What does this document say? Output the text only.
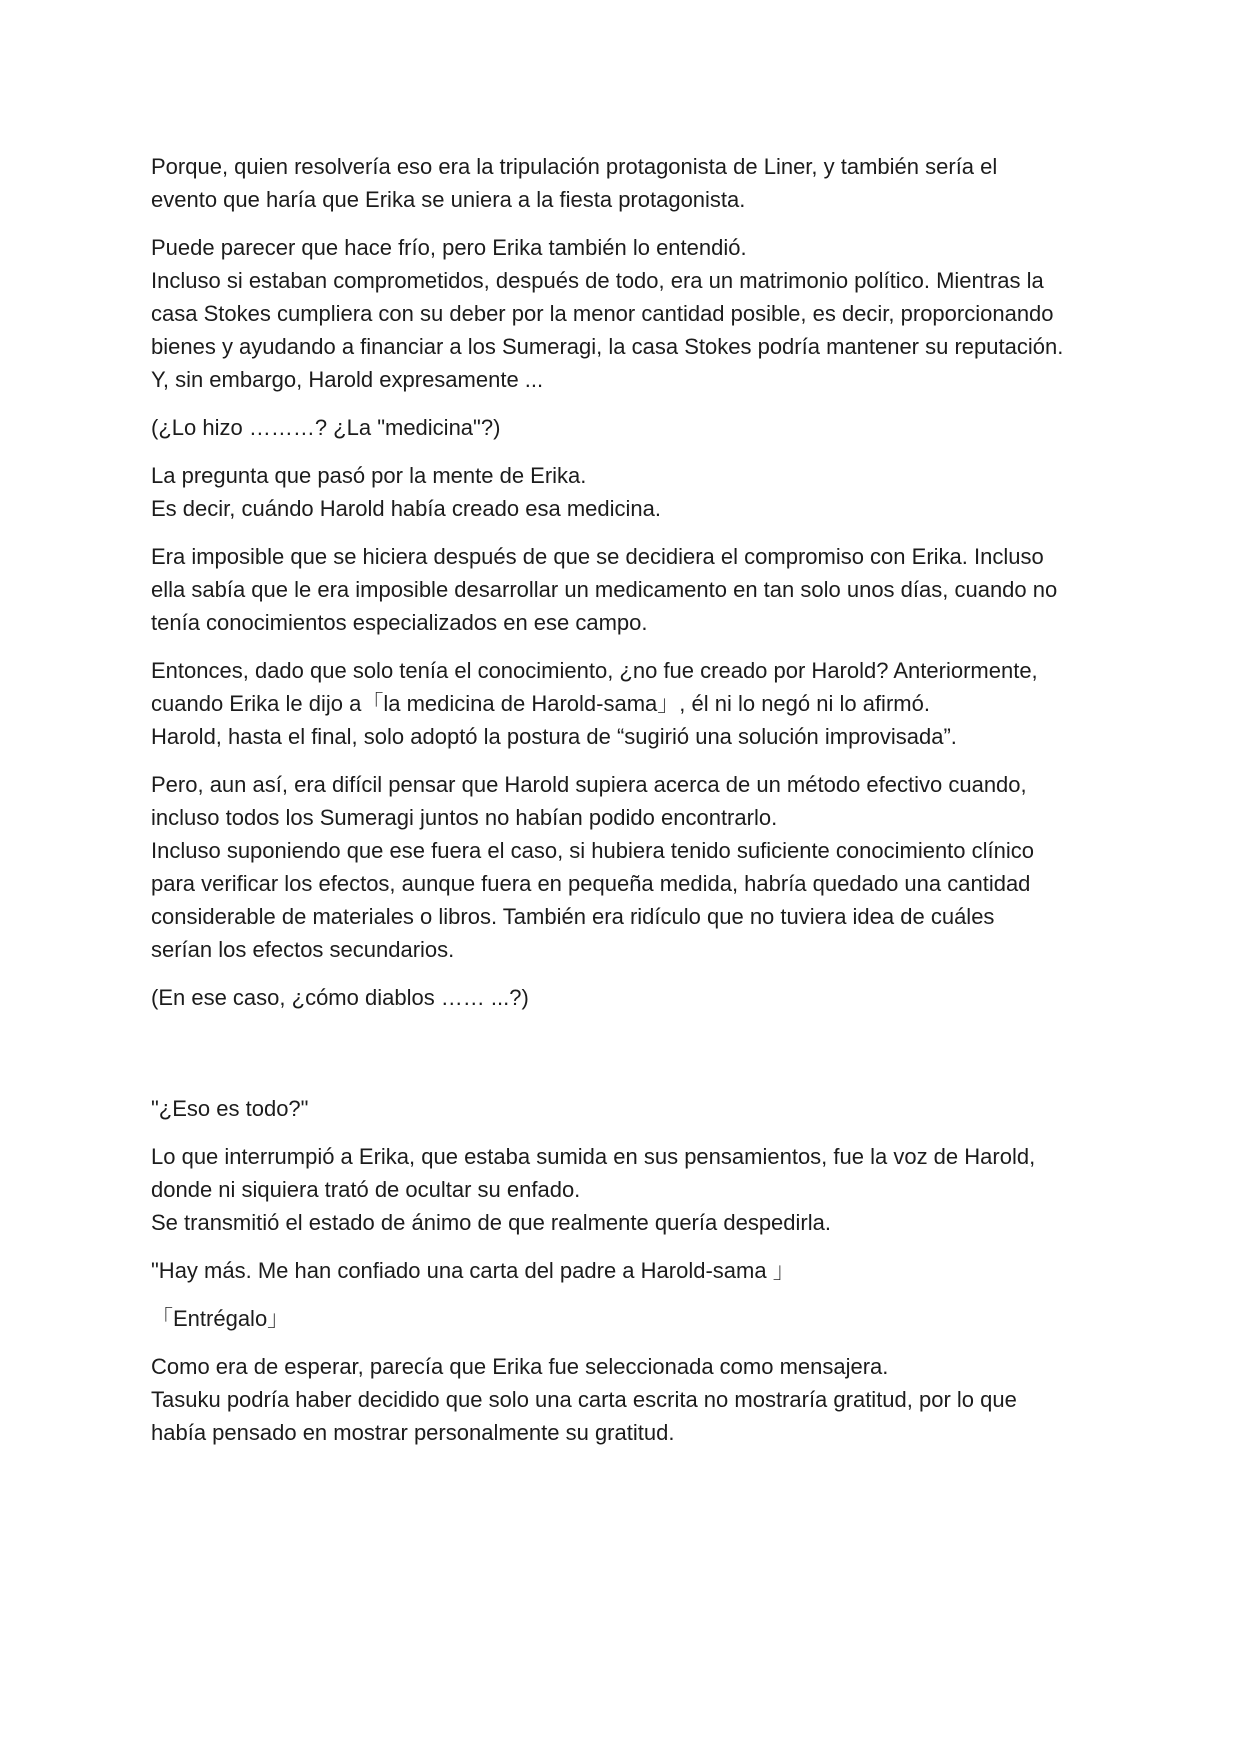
Porque, quien resolvería eso era la tripulación protagonista de Liner, y también sería el
evento que haría que Erika se uniera a la fiesta protagonista.

Puede parecer que hace frío, pero Erika también lo entendió.
Incluso si estaban comprometidos, después de todo, era un matrimonio político. Mientras la
casa Stokes cumpliera con su deber por la menor cantidad posible, es decir, proporcionando
bienes y ayudando a financiar a los Sumeragi, la casa Stokes podría mantener su reputación.
Y, sin embargo, Harold expresamente ...

(¿Lo hizo ………? ¿La "medicina"?)

La pregunta que pasó por la mente de Erika.
Es decir, cuándo Harold había creado esa medicina.

Era imposible que se hiciera después de que se decidiera el compromiso con Erika. Incluso
ella sabía que le era imposible desarrollar un medicamento en tan solo unos días, cuando no
tenía conocimientos especializados en ese campo.

Entonces, dado que solo tenía el conocimiento, ¿no fue creado por Harold? Anteriormente,
cuando Erika le dijo a「la medicina de Harold-sama」, él ni lo negó ni lo afirmó.
Harold, hasta el final, solo adoptó la postura de “sugirió una solución improvisada”.

Pero, aun así, era difícil pensar que Harold supiera acerca de un método efectivo cuando,
incluso todos los Sumeragi juntos no habían podido encontrarlo.
Incluso suponiendo que ese fuera el caso, si hubiera tenido suficiente conocimiento clínico
para verificar los efectos, aunque fuera en pequeña medida, habría quedado una cantidad
considerable de materiales o libros. También era ridículo que no tuviera idea de cuáles
serían los efectos secundarios.

(En ese caso, ¿cómo diablos …… ...?)

"¿Eso es todo?"

Lo que interrumpió a Erika, que estaba sumida en sus pensamientos, fue la voz de Harold,
donde ni siquiera trató de ocultar su enfado.
Se transmitió el estado de ánimo de que realmente quería despedirla.

"Hay más. Me han confiado una carta del padre a Harold-sama 」

「Entrégalo」

Como era de esperar, parecía que Erika fue seleccionada como mensajera.
Tasuku podría haber decidido que solo una carta escrita no mostraría gratitud, por lo que
había pensado en mostrar personalmente su gratitud.
